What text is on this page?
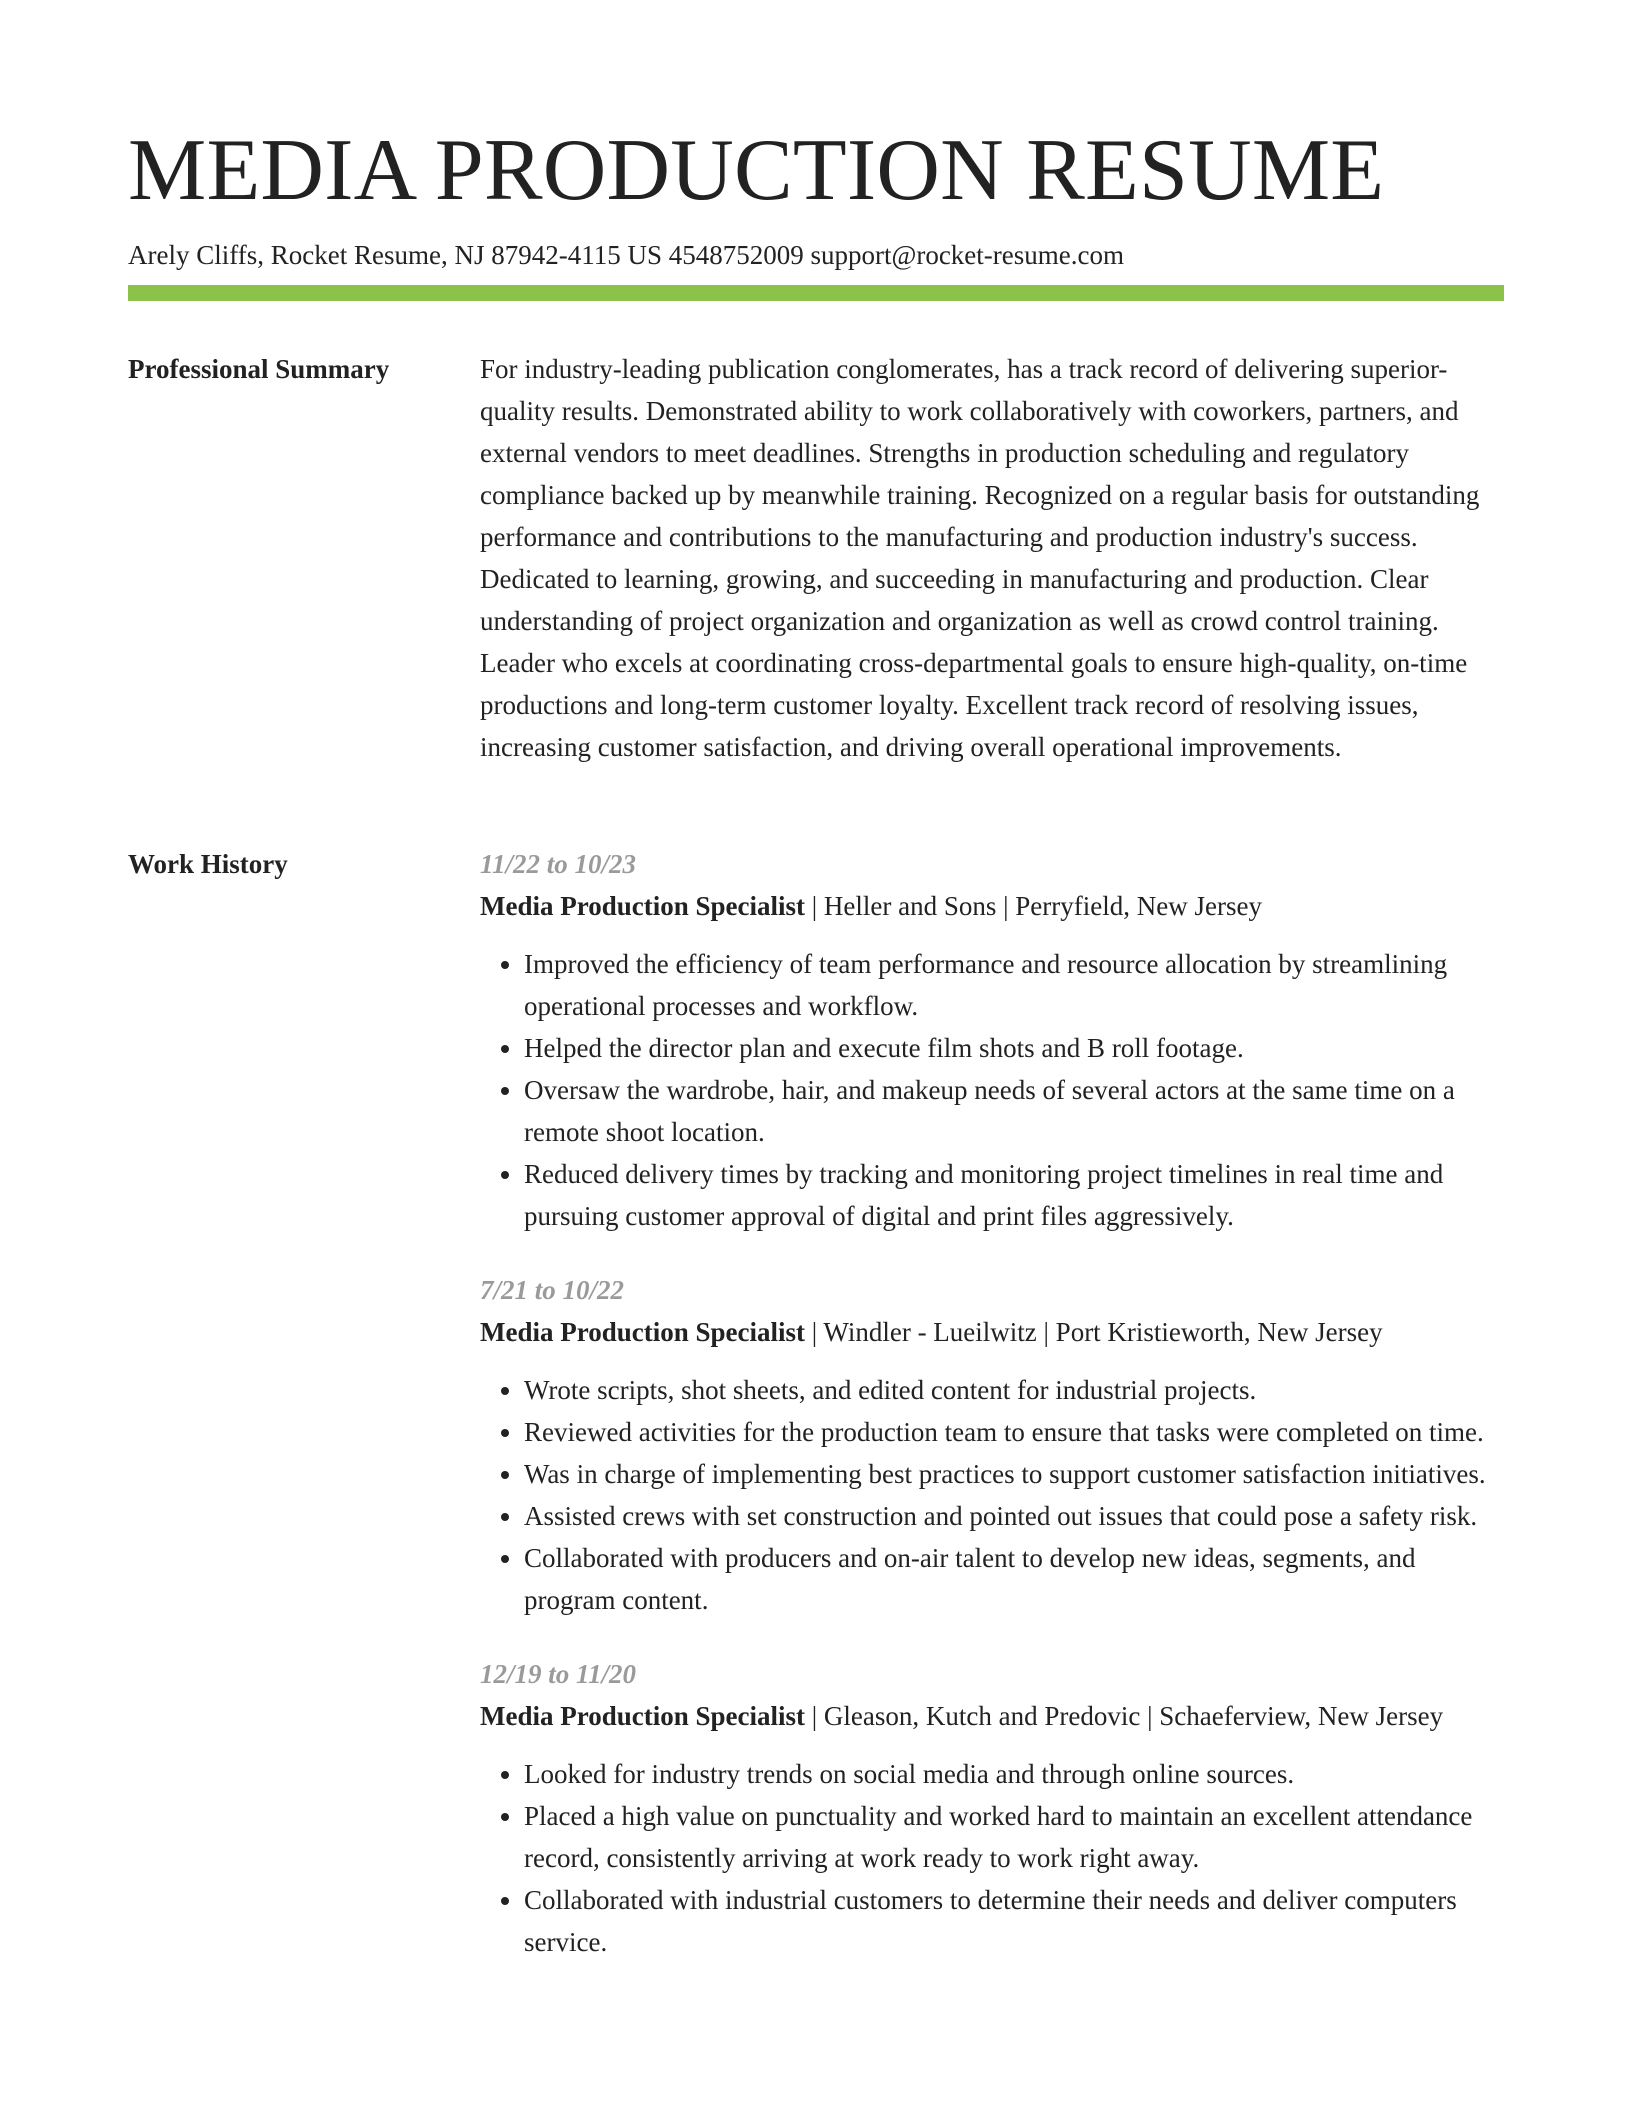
MEDIA PRODUCTION RESUME
Arely Cliffs, Rocket Resume, NJ 87942-4115 US 4548752009 support@rocket-resume.com
Professional Summary	For industry-leading publication conglomerates, has a track record of delivering superior-quality results. Demonstrated ability to work collaboratively with coworkers, partners, and external vendors to meet deadlines. Strengths in production scheduling and regulatory compliance backed up by meanwhile training. Recognized on a regular basis for outstanding performance and contributions to the manufacturing and production industry's success. Dedicated to learning, growing, and succeeding in manufacturing and production. Clear understanding of project organization and organization as well as crowd control training. Leader who excels at coordinating cross-departmental goals to ensure high-quality, on-time productions and long-term customer loyalty. Excellent track record of resolving issues, increasing customer satisfaction, and driving overall operational improvements.

Work History	11/22 to 10/23
Media Production Specialist | Heller and Sons | Perryfield, New Jersey
• Improved the efficiency of team performance and resource allocation by streamlining operational processes and workflow.
• Helped the director plan and execute film shots and B roll footage.
• Oversaw the wardrobe, hair, and makeup needs of several actors at the same time on a remote shoot location.
• Reduced delivery times by tracking and monitoring project timelines in real time and pursuing customer approval of digital and print files aggressively.
7/21 to 10/22
Media Production Specialist | Windler - Lueilwitz | Port Kristieworth, New Jersey
• Wrote scripts, shot sheets, and edited content for industrial projects.
• Reviewed activities for the production team to ensure that tasks were completed on time.
• Was in charge of implementing best practices to support customer satisfaction initiatives.
• Assisted crews with set construction and pointed out issues that could pose a safety risk.
• Collaborated with producers and on-air talent to develop new ideas, segments, and program content.
12/19 to 11/20
Media Production Specialist | Gleason, Kutch and Predovic | Schaeferview, New Jersey
• Looked for industry trends on social media and through online sources.
• Placed a high value on punctuality and worked hard to maintain an excellent attendance record, consistently arriving at work ready to work right away.
• Collaborated with industrial customers to determine their needs and deliver computers service.
